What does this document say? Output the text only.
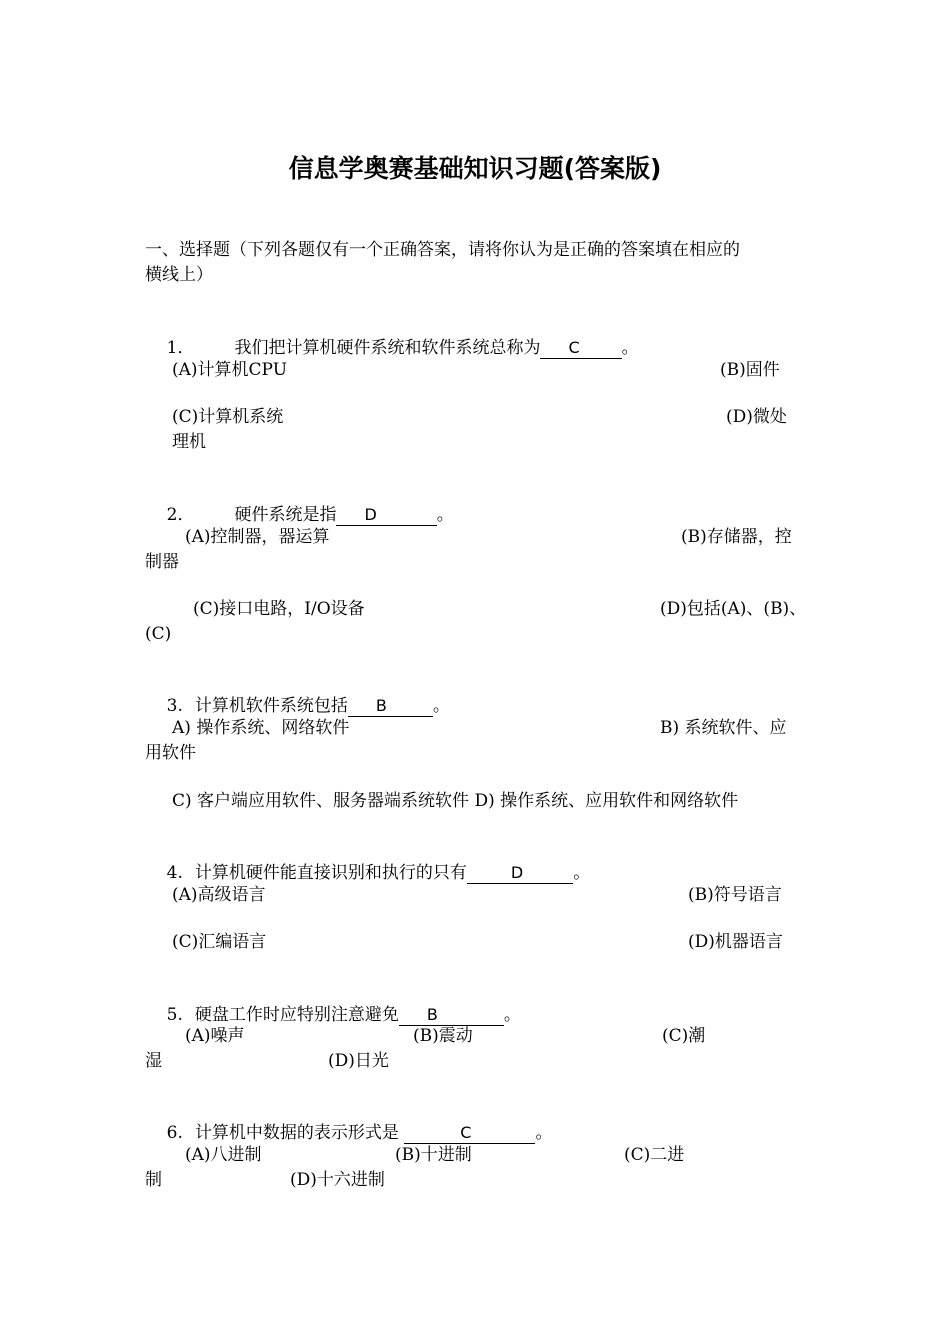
信息学奥赛基础知识习题(答案版)
一、选择题（下列各题仅有一个正确答案，请将你认为是正确的答案填在相应的
横线上）

1． 我们把计算机硬件系统和软件系统总称为 C 。

(A)计算机CPU	(B)固件
(C)计算机系统	(D)微处
理机

2． 硬件系统是指 D	。

(A)控制器，器运算	(B)存储器，控
制器
(C)接口电路，I/O设备	(D)包括(A)、(B)、
(C)

3. 计算机软件系统包括 B	。

A) 操作系统、网络软件	B) 系统软件、应
用软件
C) 客户端应用软件、服务器端系统软件 D) 操作系统、应用软件和网络软件

4. 计算机硬件能直接识别和执行的只有	D	。

(A)高级语言	(B)符号语言
(C)汇编语言	(D)机器语言

5. 硬盘工作时应特别注意避免 B	。

(A)噪声	(B)震动	(C)潮
湿	(D)日光

6. 计算机中数据的表示形式是	C	。

(A)八进制	(B)十进制	(C)二进
制	(D)十六进制
